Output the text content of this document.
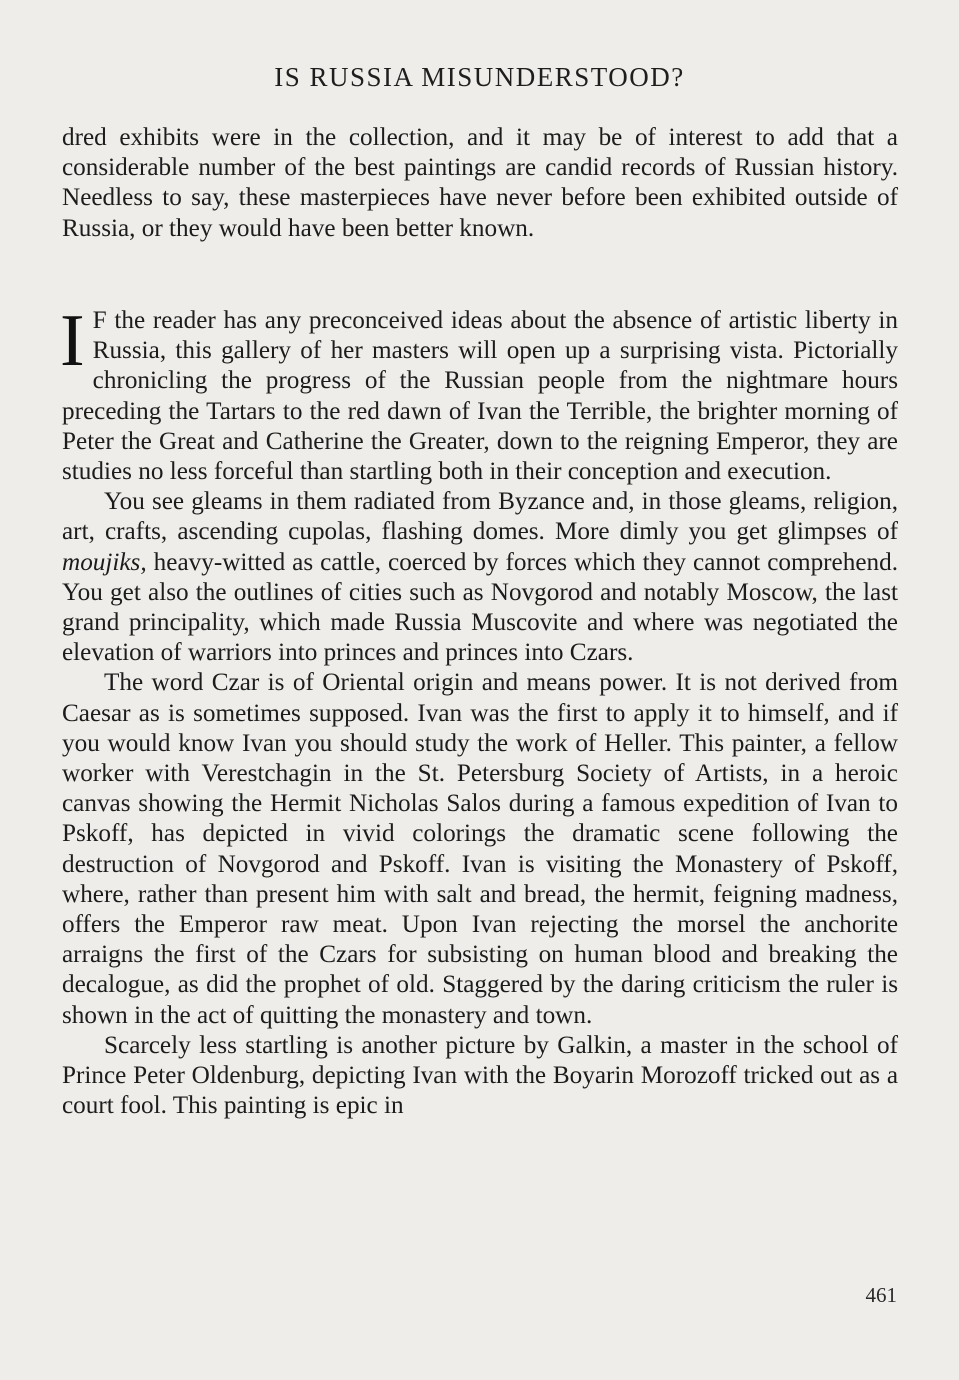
IS RUSSIA MISUNDERSTOOD?

dred exhibits were in the collection, and it may be of interest to add that a considerable number of the best paintings are candid records of Russian history. Needless to say, these masterpieces have never before been exhibited outside of Russia, or they would have been better known.

I F the reader has any preconceived ideas about the absence of artistic liberty in Russia, this gallery of her masters will open up a surprising vista. Pictorially chronicling the progress of the Russian people from the nightmare hours preceding the Tartars to the red dawn of Ivan the Terrible, the brighter morning of Peter the Great and Catherine the Greater, down to the reigning Emperor, they are studies no less forceful than startling both in their conception and execution.

You see gleams in them radiated from Byzance and, in those gleams, religion, art, crafts, ascending cupolas, flashing domes. More dimly you get glimpses of moujiks, heavy-witted as cattle, coerced by forces which they cannot comprehend. You get also the outlines of cities such as Novgorod and notably Moscow, the last grand principality, which made Russia Muscovite and where was negotiated the elevation of warriors into princes and princes into Czars.

The word Czar is of Oriental origin and means power. It is not derived from Caesar as is sometimes supposed. Ivan was the first to apply it to himself, and if you would know Ivan you should study the work of Heller. This painter, a fellow worker with Verestchagin in the St. Petersburg Society of Artists, in a heroic canvas showing the Hermit Nicholas Salos during a famous expedition of Ivan to Pskoff, has depicted in vivid colorings the dramatic scene following the destruction of Novgorod and Pskoff. Ivan is visiting the Monastery of Pskoff, where, rather than present him with salt and bread, the hermit, feigning madness, offers the Emperor raw meat. Upon Ivan rejecting the morsel the anchorite arraigns the first of the Czars for subsisting on human blood and breaking the decalogue, as did the prophet of old. Staggered by the daring criticism the ruler is shown in the act of quitting the monastery and town.

Scarcely less startling is another picture by Galkin, a master in the school of Prince Peter Oldenburg, depicting Ivan with the Boyarin Morozoff tricked out as a court fool. This painting is epic in

461
